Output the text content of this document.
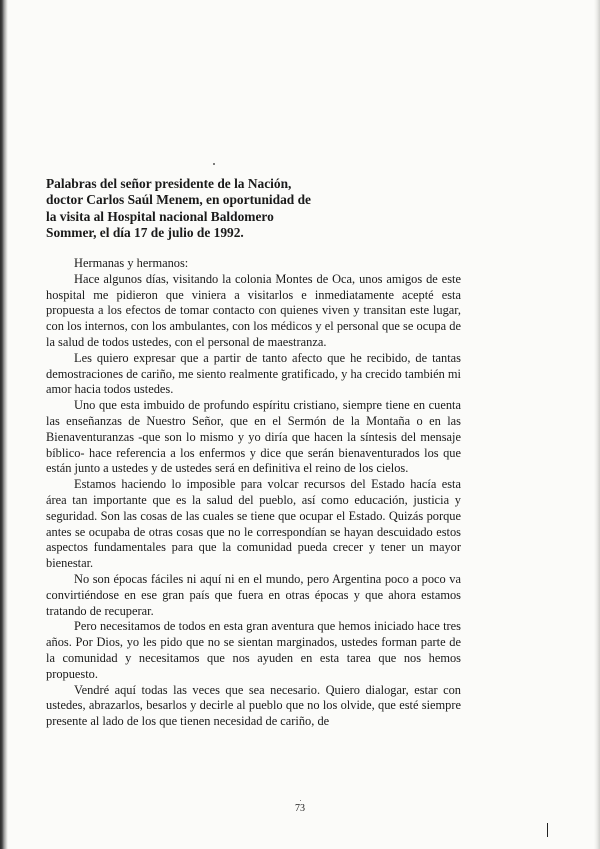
Palabras del señor presidente de la Nación,
doctor Carlos Saúl Menem, en oportunidad de
la visita al Hospital nacional Baldomero
Sommer, el día 17 de julio de 1992.

Hermanas y hermanos:

Hace algunos días, visitando la colonia Montes de Oca, unos amigos de este hospital me pidieron que viniera a visitarlos e inmediatamente acepté esta propuesta a los efectos de tomar contacto con quienes viven y transitan este lugar, con los internos, con los ambulantes, con los médicos y el personal que se ocupa de la salud de todos ustedes, con el personal de maestranza.

Les quiero expresar que a partir de tanto afecto que he recibido, de tantas demostraciones de cariño, me siento realmente gratificado, y ha crecido también mi amor hacia todos ustedes.

Uno que esta imbuido de profundo espíritu cristiano, siempre tiene en cuenta las enseñanzas de Nuestro Señor, que en el Sermón de la Montaña o en las Bienaventuranzas -que son lo mismo y yo diría que hacen la síntesis del mensaje bíblico- hace referencia a los enfermos y dice que serán bienaventurados los que están junto a ustedes y de ustedes será en definitiva el reino de los cielos.

Estamos haciendo lo imposible para volcar recursos del Estado hacía esta área tan importante que es la salud del pueblo, así como educación, justicia y seguridad. Son las cosas de las cuales se tiene que ocupar el Estado. Quizás porque antes se ocupaba de otras cosas que no le correspondían se hayan descuidado estos aspectos fundamentales para que la comunidad pueda crecer y tener un mayor bienestar.

No son épocas fáciles ni aquí ni en el mundo, pero Argentina poco a poco va convirtiéndose en ese gran país que fuera en otras épocas y que ahora estamos tratando de recuperar.

Pero necesitamos de todos en esta gran aventura que hemos iniciado hace tres años. Por Dios, yo les pido que no se sientan marginados, ustedes forman parte de la comunidad y necesitamos que nos ayuden en esta tarea que nos hemos propuesto.

Vendré aquí todas las veces que sea necesario. Quiero dialogar, estar con ustedes, abrazarlos, besarlos y decirle al pueblo que no los olvide, que esté siempre presente al lado de los que tienen necesidad de cariño, de

73
